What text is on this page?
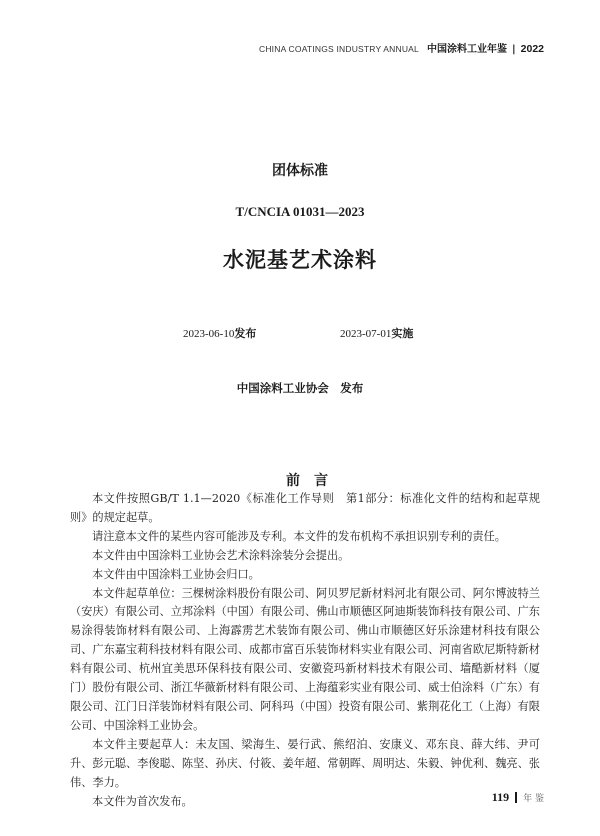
CHINA COATINGS INDUSTRY ANNUAL 中国涂料工业年鉴 | 2022
团体标准
T/CNCIA 01031—2023
水泥基艺术涂料
2023-06-10发布	2023-07-01实施
中国涂料工业协会　发布
前言

本文件按照GB/T 1.1—2020《标准化工作导则　第1部分：标准化文件的结构和起草规则》的规定起草。

请注意本文件的某些内容可能涉及专利。本文件的发布机构不承担识别专利的责任。

本文件由中国涂料工业协会艺术涂料涂装分会提出。

本文件由中国涂料工业协会归口。

本文件起草单位：三棵树涂料股份有限公司、阿贝罗尼新材料河北有限公司、阿尔博波特兰（安庆）有限公司、立邦涂料（中国）有限公司、佛山市顺德区阿迪斯装饰科技有限公司、广东易涂得装饰材料有限公司、上海霹雳艺术装饰有限公司、佛山市顺德区好乐涂建材科技有限公司、广东嘉宝莉科技材料有限公司、成都市富百乐装饰材料实业有限公司、河南省欧尼斯特新材料有限公司、杭州宜美思环保科技有限公司、安徽瓷玛新材料技术有限公司、墙酷新材料（厦门）股份有限公司、浙江华薇新材料有限公司、上海蕴彩实业有限公司、威士伯涂料（广东）有限公司、江门日洋装饰材料有限公司、阿科玛（中国）投资有限公司、紫荆花化工（上海）有限公司、中国涂料工业协会。

本文件主要起草人：未友国、梁海生、晏行武、熊绍泊、安康义、邓东良、薛大纬、尹可升、彭元聪、李俊聪、陈坚、孙庆、付筱、姜年超、常朝晖、周明达、朱毅、钟优利、魏亮、张伟、李力。

本文件为首次发布。	119 年 鉴
